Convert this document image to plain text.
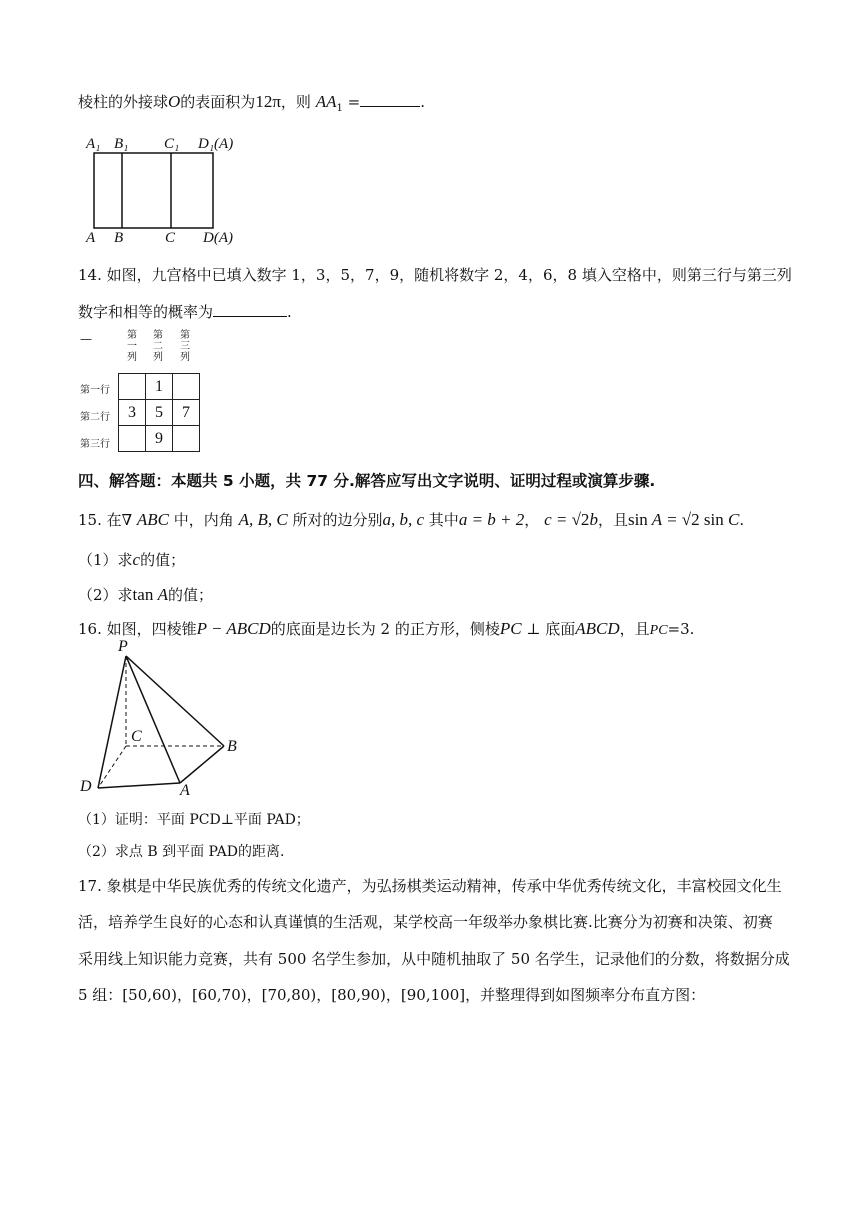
棱柱的外接球O的表面积为12π，则 $AA_1$ =	.
A₁ B₁ C₁ D₁(A)
A B	C D(A)
14. 如图，九宫格中已填入数字 1，3，5，7，9，随机将数字 2，4，6，8 填入空格中，则第三行与第三列
数字和相等的概率为	.
—	第
一
列
第
二
列
第
三
列
第一行
第二行
第三行
	1	
3	5	7
	9	
四、解答题：本题共 5 小题，共 77 分.解答应写出文字说明、证明过程或演算步骤.
15. 在∇ ABC 中，内角 A, B, C 所对的边分别a, b, c 其中a = b + 2， c = √2b，且sin A = √2 sin C.
（1）求c的值；
（2）求tan A的值；
16. 如图，四棱锥P − ABCD的底面是边长为 2 的正方形，侧棱PC ⊥ 底面ABCD，且PC=3.
P
C
B
D	A
（1）证明：平面 PCD⊥平面 PAD；
（2）求点 B 到平面 PAD的距离.
17. 象棋是中华民族优秀的传统文化遗产，为弘扬棋类运动精神，传承中华优秀传统文化，丰富校园文化生
活，培养学生良好的心态和认真谨慎的生活观，某学校高一年级举办象棋比赛.比赛分为初赛和决策、初赛
采用线上知识能力竞赛，共有 500 名学生参加，从中随机抽取了 50 名学生，记录他们的分数，将数据分成
5 组：[50,60)，[60,70)，[70,80)，[80,90)，[90,100]，并整理得到如图频率分布直方图：
